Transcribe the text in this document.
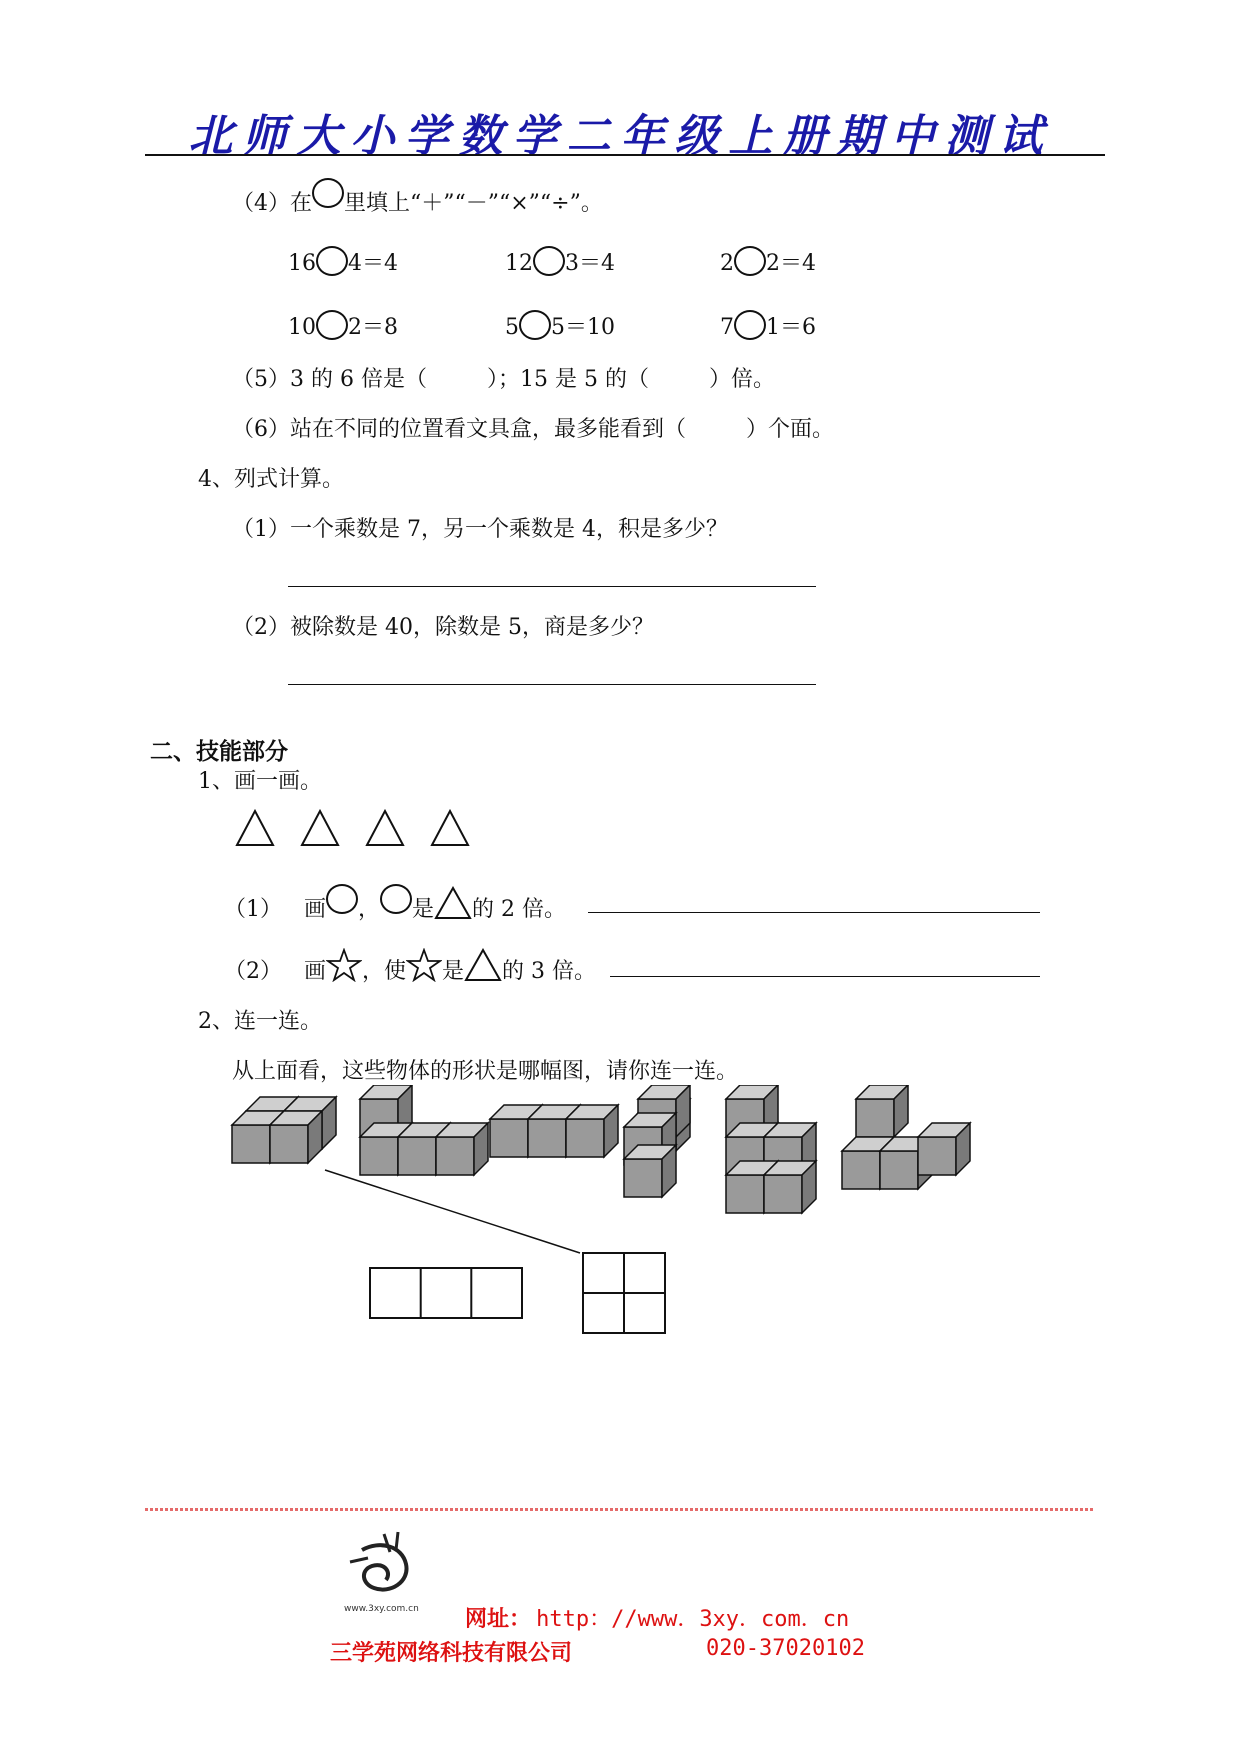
北师大小学数学二年级上册期中测试
（4）在 里填上“＋”“－”“×”“÷”。
16 4＝4	12 3＝4	2 2＝4
10 2＝8	5 5＝10	7 1＝6
（5）3 的 6 倍是（	）；15 是 5 的（	）倍。
（6）站在不同的位置看文具盒，最多能看到（	）个面。
4、列式计算。
（1）一个乘数是 7，另一个乘数是 4，积是多少？
（2）被除数是 40，除数是 5，商是多少？
二、技能部分
1、画一画。
（1） 画 ， 是 的 2 倍。
（2） 画 ，使 是 的 3 倍。
2、连一连。
从上面看，这些物体的形状是哪幅图，请你连一连。
www.3xy.com.cn 网址： http：//www．3xy．com．cn
三学苑网络科技有限公司	020-37020102
